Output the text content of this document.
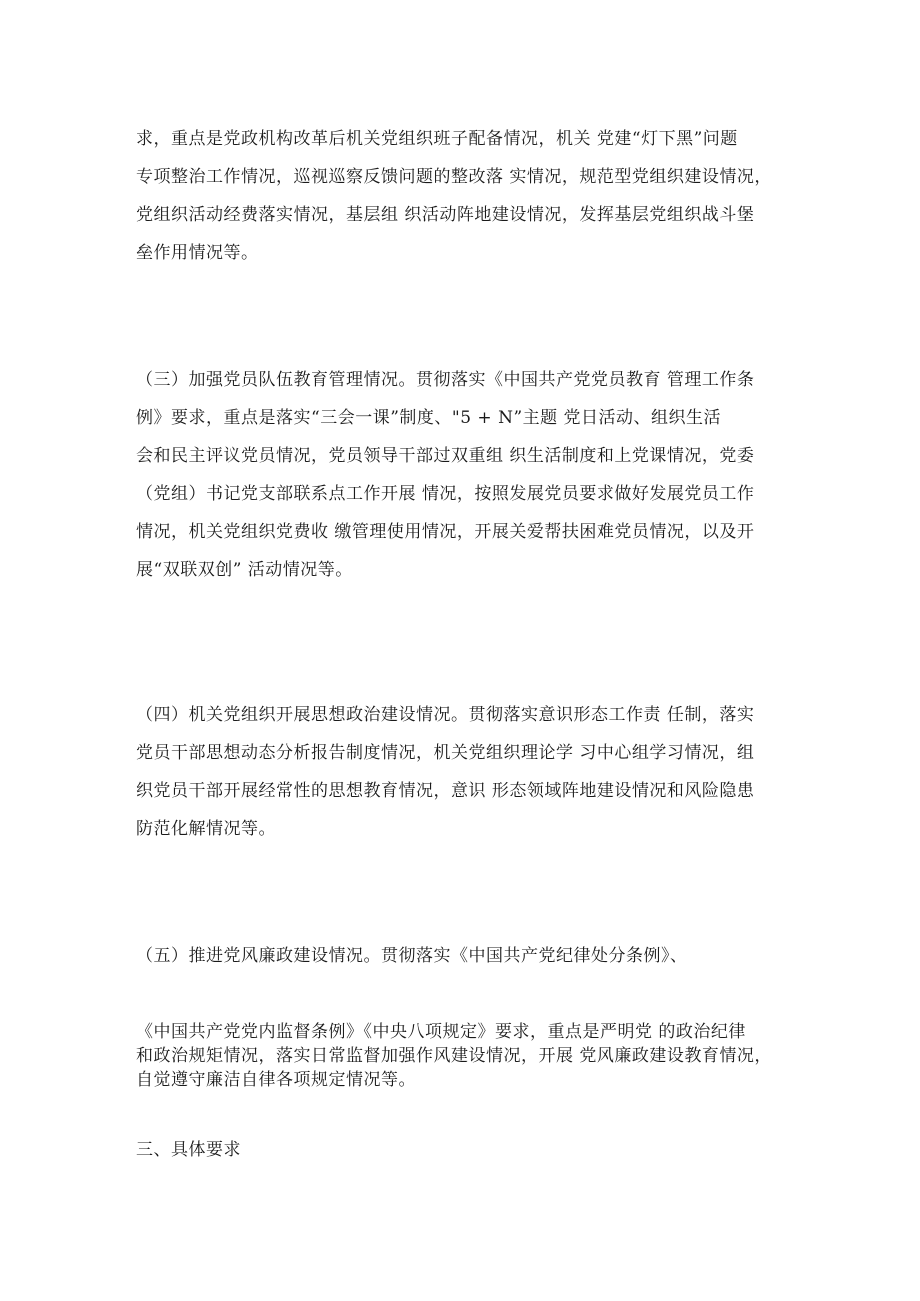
求，重点是党政机构改革后机关党组织班子配备情况，机关 党建“灯下黑”问题
专项整治工作情况，巡视巡察反馈问题的整改落 实情况，规范型党组织建设情况，
党组织活动经费落实情况，基层组 织活动阵地建设情况，发挥基层党组织战斗堡
垒作用情况等。
（三）加强党员队伍教育管理情况。贯彻落实《中国共产党党员教育 管理工作条
例》要求，重点是落实“三会一课”制度、"5 + N”主题 党日活动、组织生活
会和民主评议党员情况，党员领导干部过双重组 织生活制度和上党课情况，党委
（党组）书记党支部联系点工作开展 情况，按照发展党员要求做好发展党员工作
情况，机关党组织党费收 缴管理使用情况，开展关爱帮扶困难党员情况，以及开
展“双联双创” 活动情况等。
（四）机关党组织开展思想政治建设情况。贯彻落实意识形态工作责 任制，落实
党员干部思想动态分析报告制度情况，机关党组织理论学 习中心组学习情况，组
织党员干部开展经常性的思想教育情况，意识 形态领域阵地建设情况和风险隐患
防范化解情况等。
（五）推进党风廉政建设情况。贯彻落实《中国共产党纪律处分条例》、
《中国共产党党内监督条例》《中央八项规定》要求，重点是严明党 的政治纪律
和政治规矩情况，落实日常监督加强作风建设情况，开展 党风廉政建设教育情况，
自觉遵守廉洁自律各项规定情况等。
三、具体要求
